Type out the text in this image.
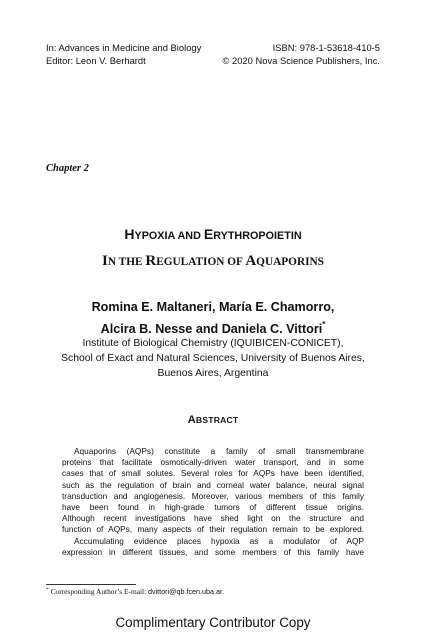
In: Advances in Medicine and Biology	ISBN: 978-1-53618-410-5
Editor: Leon V. Berhardt	© 2020 Nova Science Publishers, Inc.
Chapter 2
HYPOXIA AND ERYTHROPOIETIN
IN THE REGULATION OF AQUAPORINS
Romina E. Maltaneri, María E. Chamorro,
Alcira B. Nesse and Daniela C. Vittori*
Institute of Biological Chemistry (IQUIBICEN-CONICET),
School of Exact and Natural Sciences, University of Buenos Aires,
Buenos Aires, Argentina
ABSTRACT
Aquaporins (AQPs) constitute a family of small transmembrane
proteins that facilitate osmotically-driven water transport, and in some
cases that of small solutes. Several roles for AQPs have been identified,
such as the regulation of brain and corneal water balance, neural signal
transduction and angiogenesis. Moreover, various members of this family
have been found in high-grade tumors of different tissue origins.
Although recent investigations have shed light on the structure and
function of AQPs, many aspects of their regulation remain to be explored.
Accumulating evidence places hypoxia as a modulator of AQP
expression in different tissues, and some members of this family have
* Corresponding Author’s E-mail: dvittori@qb.fcen.uba.ar.
Complimentary Contributor Copy
